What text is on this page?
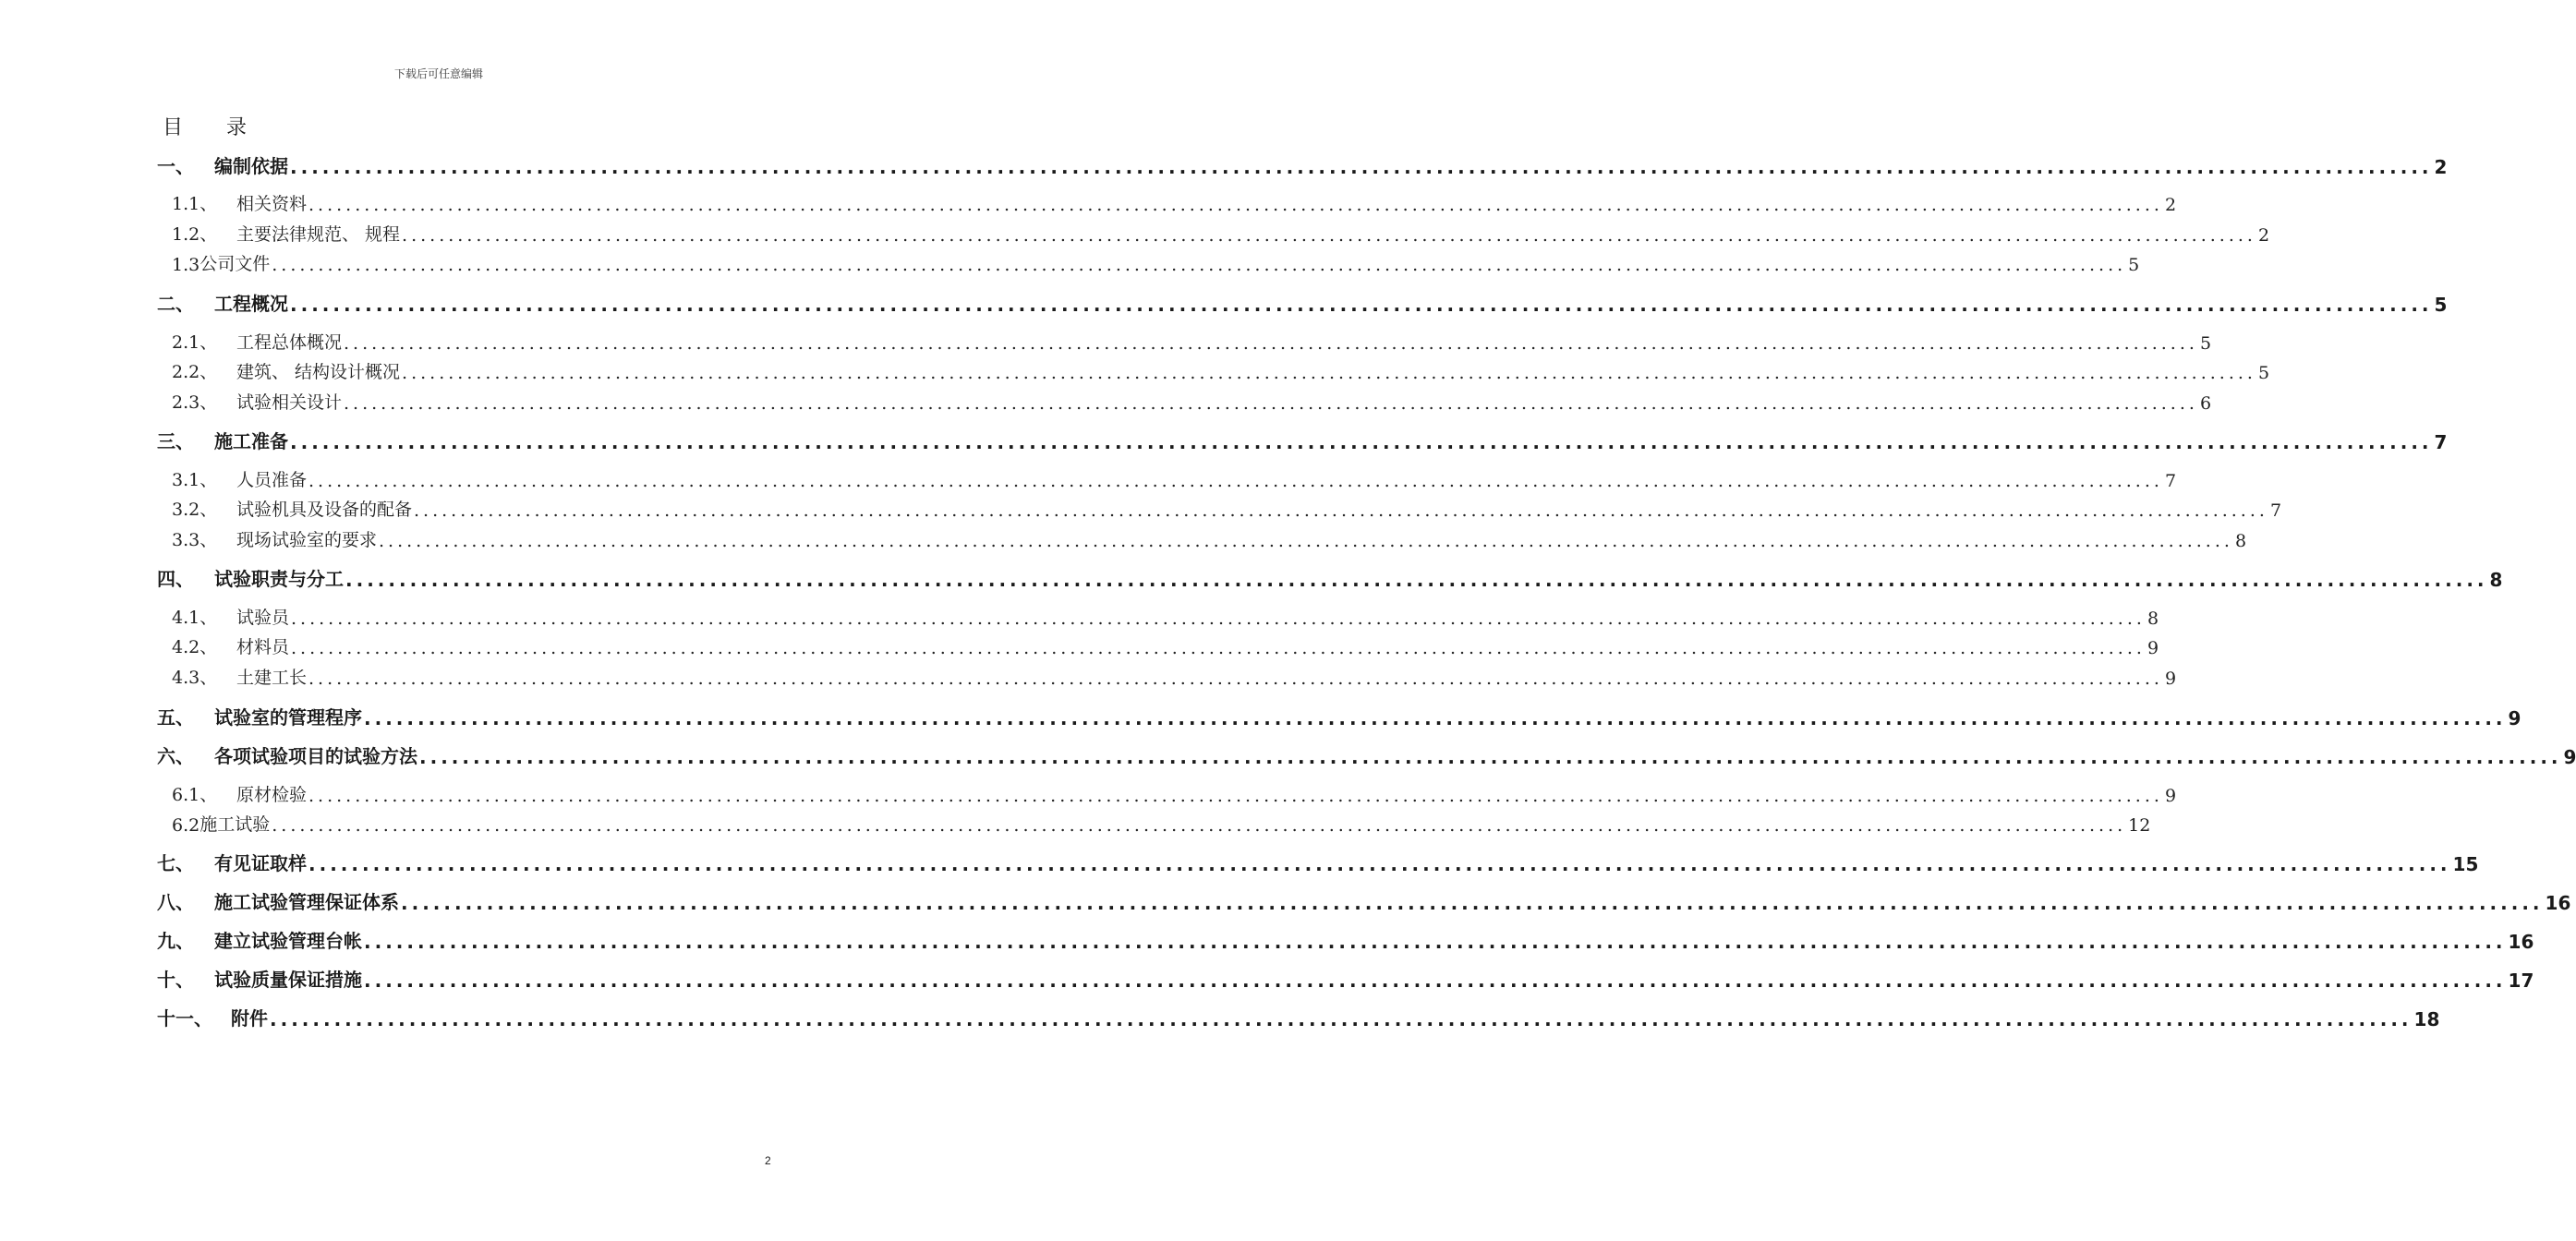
下载后可任意编辑
目 录
一、	编制依据 ........................................................................................................................................................................................................ 2
1.1、	相关资料 ........................................................................................................................................................................................................ 2
1.2、	主要法律规范、 规程 ........................................................................................................................................................................................................ 2
1.3 公司文件 ........................................................................................................................................................................................................ 5
二、	工程概况 ........................................................................................................................................................................................................ 5
2.1、	工程总体概况 ........................................................................................................................................................................................................ 5
2.2、	建筑、 结构设计概况 ........................................................................................................................................................................................................ 5
2.3、	试验相关设计 ........................................................................................................................................................................................................ 6
三、	施工准备 ........................................................................................................................................................................................................ 7
3.1、	人员准备 ........................................................................................................................................................................................................ 7
3.2、	试验机具及设备的配备 ........................................................................................................................................................................................................ 7
3.3、	现场试验室的要求 ........................................................................................................................................................................................................ 8
四、	试验职责与分工 ........................................................................................................................................................................................................ 8
4.1、	试验员 ........................................................................................................................................................................................................ 8
4.2、	材料员 ........................................................................................................................................................................................................ 9
4.3、	土建工长 ........................................................................................................................................................................................................ 9
五、	试验室的管理程序 ........................................................................................................................................................................................................ 9
六、	各项试验项目的试验方法 ........................................................................................................................................................................................................ 9
6.1、	原材检验 ........................................................................................................................................................................................................ 9
6.2 施工试验 ........................................................................................................................................................................................................ 12
七、	有见证取样 ........................................................................................................................................................................................................ 15
八、	施工试验管理保证体系 ........................................................................................................................................................................................................ 16
九、	建立试验管理台帐 ........................................................................................................................................................................................................ 16
十、	试验质量保证措施 ........................................................................................................................................................................................................ 17
十一、	附件 ........................................................................................................................................................................................................ 18
2
